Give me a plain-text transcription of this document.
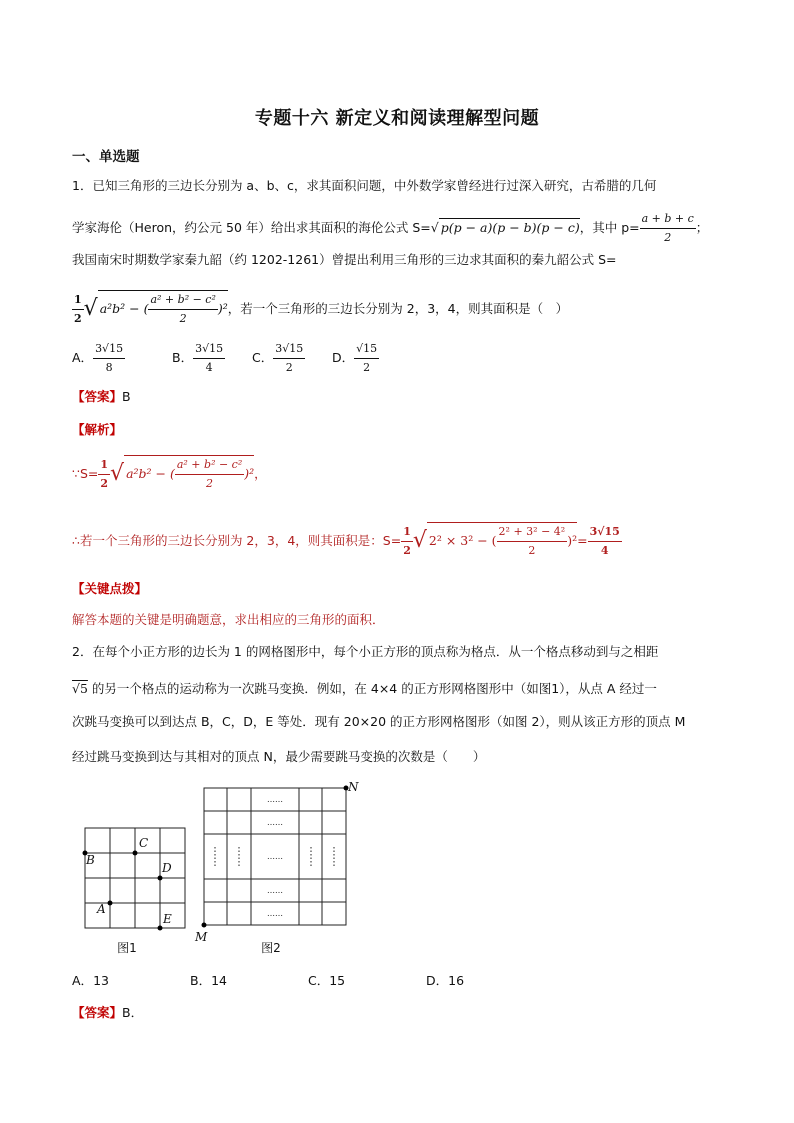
专题十六 新定义和阅读理解型问题
一、单选题
1．已知三角形的三边长分别为 a、b、c，求其面积问题，中外数学家曾经进行过深入研究，古希腊的几何
学家海伦（Heron，约公元 50 年）给出求其面积的海伦公式 S=√ p(p − a)(p − b)(p − c)，其中 $p= \frac{a + b + c}{2}$ ；
我国南宋时期数学家秦九韶（约 1202-1261）曾提出利用三角形的三边求其面积的秦九韶公式 S=
$\frac{1}{2}$ √ a²b² − ( $\frac{\text{a² + b² − c²}}{2} )^2$，若一个三角形的三边长分别为 2，3，4，则其面积是（　）
A． $\frac{3√15}{8}$	B． $\frac{3√15}{4}$ C． $\frac{3√15}{2}$ D． $\frac{√15}{2}$
【答案】B
【解析】
∵S= $\frac{1}{2}$ √ a²b² − ( $\frac{\text{a² + b² − c²}}{2} )^2$，
∴若一个三角形的三边长分别为 2，3，4，则其面积是：$S= \frac{1}{2}$ √ 2² × 3² − ( $\frac{\text{2² + 3² − 4²}}{2} )^2= \frac{3√15}{4}$
【关键点拨】
解答本题的关键是明确题意，求出相应的三角形的面积．
2．在每个小正方形的边长为 1 的网格图形中，每个小正方形的顶点称为格点．从一个格点移动到与之相距
√5 的另一个格点的运动称为一次跳马变换．例如，在 4×4 的正方形网格图形中（如图1），从点 A 经过一
次跳马变换可以到达点 B，C，D，E 等处．现有 20×20 的正方形网格图形（如图 2），则从该正方形的顶点 M
经过跳马变换到达与其相对的顶点 N，最少需要跳马变换的次数是（　　）
A
B
C
D
E
图1
……
……
……
……
……
M
N
图2
A．13	B．14	C．15	D．16
【答案】B．
